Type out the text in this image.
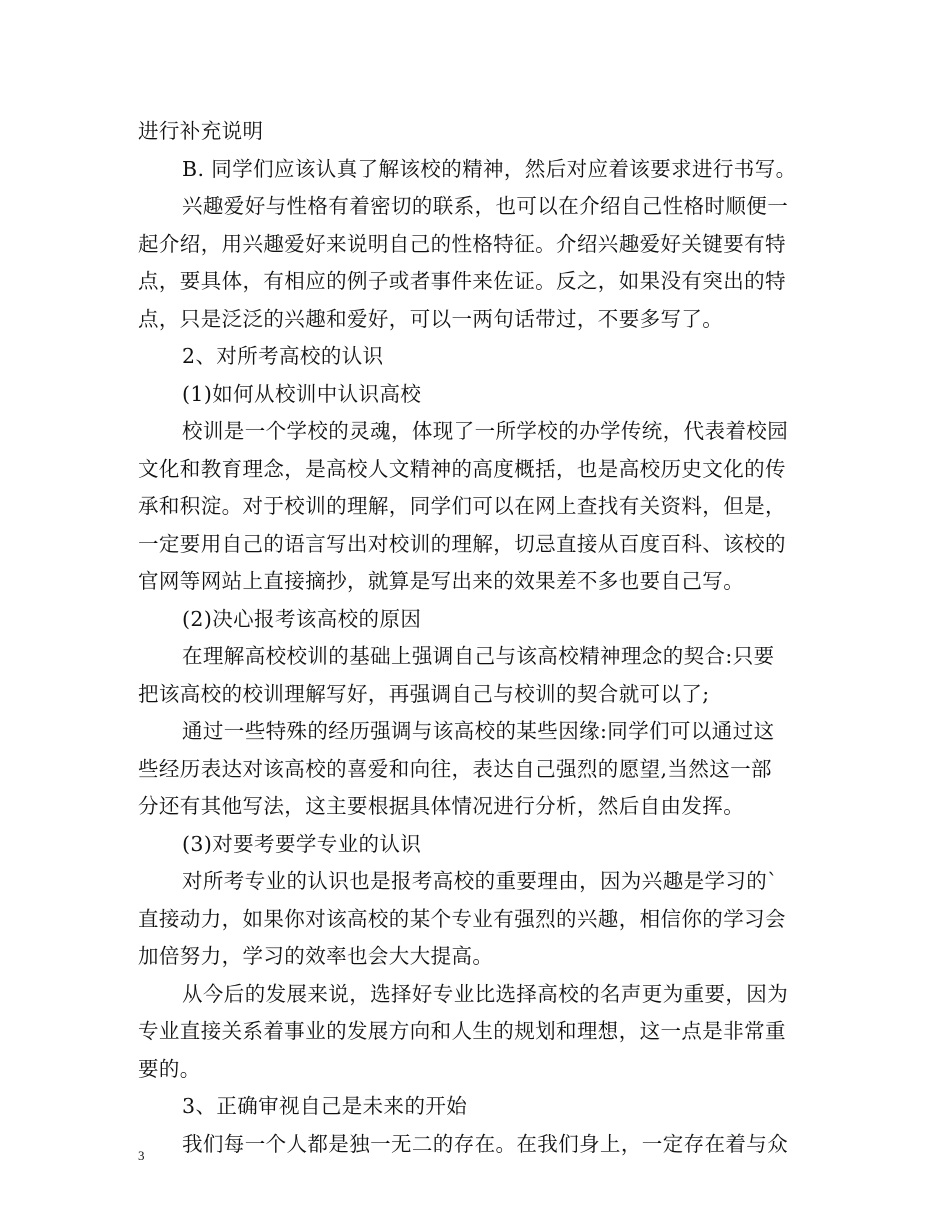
进行补充说明
B. 同学们应该认真了解该校的精神，然后对应着该要求进行书写。
兴趣爱好与性格有着密切的联系，也可以在介绍自己性格时顺便一
起介绍，用兴趣爱好来说明自己的性格特征。介绍兴趣爱好关键要有特
点，要具体，有相应的例子或者事件来佐证。反之，如果没有突出的特
点，只是泛泛的兴趣和爱好，可以一两句话带过，不要多写了。
2、对所考高校的认识
(1)如何从校训中认识高校
校训是一个学校的灵魂，体现了一所学校的办学传统，代表着校园
文化和教育理念，是高校人文精神的高度概括，也是高校历史文化的传
承和积淀。对于校训的理解，同学们可以在网上查找有关资料，但是，
一定要用自己的语言写出对校训的理解，切忌直接从百度百科、该校的
官网等网站上直接摘抄，就算是写出来的效果差不多也要自己写。
(2)决心报考该高校的原因
在理解高校校训的基础上强调自己与该高校精神理念的契合:只要
把该高校的校训理解写好，再强调自己与校训的契合就可以了;
通过一些特殊的经历强调与该高校的某些因缘:同学们可以通过这
些经历表达对该高校的喜爱和向往，表达自己强烈的愿望,当然这一部
分还有其他写法，这主要根据具体情况进行分析，然后自由发挥。
(3)对要考要学专业的认识
对所考专业的认识也是报考高校的重要理由，因为兴趣是学习的`
直接动力，如果你对该高校的某个专业有强烈的兴趣，相信你的学习会
加倍努力，学习的效率也会大大提高。
从今后的发展来说，选择好专业比选择高校的名声更为重要，因为
专业直接关系着事业的发展方向和人生的规划和理想，这一点是非常重
要的。
3、正确审视自己是未来的开始
我们每一个人都是独一无二的存在。在我们身上，一定存在着与众
3
